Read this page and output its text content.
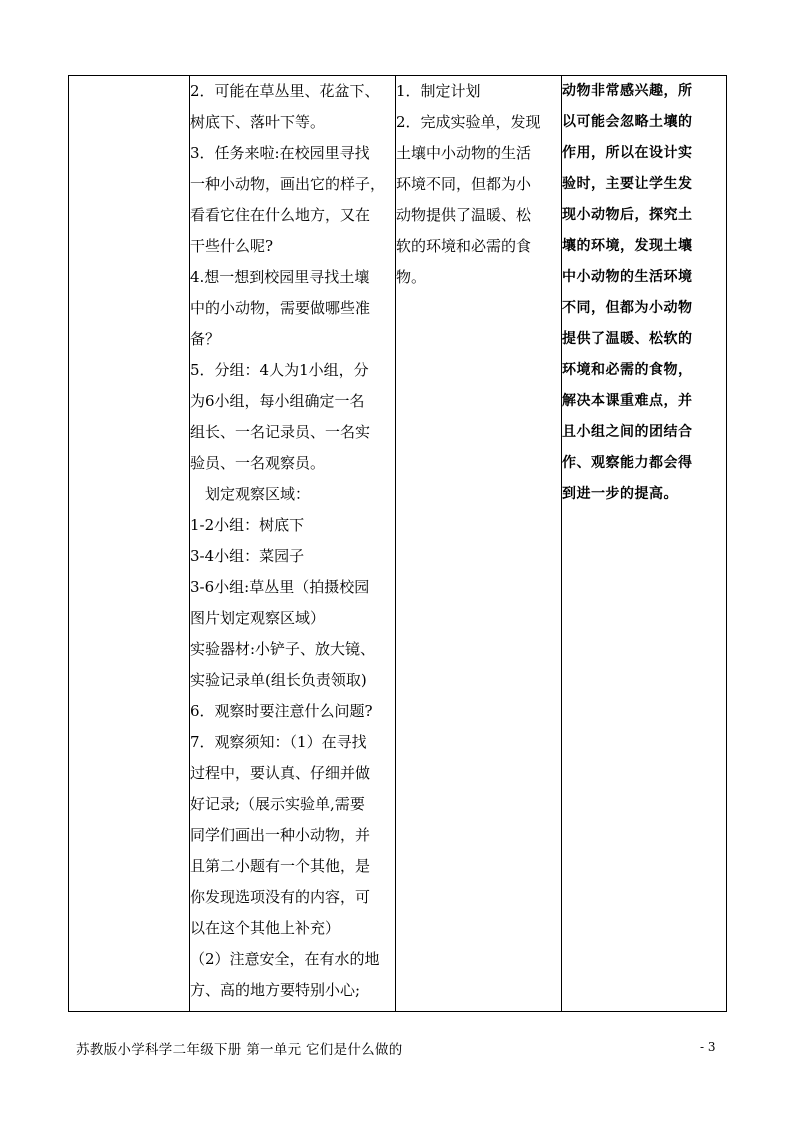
2．可能在草丛里、花盆下、
树底下、落叶下等。
3．任务来啦:在校园里寻找
一种小动物，画出它的样子，
看看它住在什么地方，又在
干些什么呢?
4.想一想到校园里寻找土壤
中的小动物，需要做哪些准
备？
5．分组：4人为1小组，分
为6小组，每小组确定一名
组长、一名记录员、一名实
验员、一名观察员。
　划定观察区域：
1-2小组：树底下
3-4小组：菜园子
3-6小组:草丛里（拍摄校园
图片划定观察区域）
实验器材:小铲子、放大镜、
实验记录单(组长负责领取)
6．观察时要注意什么问题?
7．观察须知：（1）在寻找
过程中，要认真、仔细并做
好记录;（展示实验单,需要
同学们画出一种小动物，并
且第二小题有一个其他，是
你发现选项没有的内容，可
以在这个其他上补充）
（2）注意安全，在有水的地
方、高的地方要特别小心;

1．制定计划
2．完成实验单，发现
土壤中小动物的生活
环境不同，但都为小
动物提供了温暖、松
软的环境和必需的食
物。

动物非常感兴趣，所
以可能会忽略土壤的
作用，所以在设计实
验时，主要让学生发
现小动物后，探究土
壤的环境，发现土壤
中小动物的生活环境
不同，但都为小动物
提供了温暖、松软的
环境和必需的食物，
解决本课重难点，并
且小组之间的团结合
作、观察能力都会得
到进一步的提高。
苏教版小学科学二年级下册 第一单元 它们是什么做的	- 3
